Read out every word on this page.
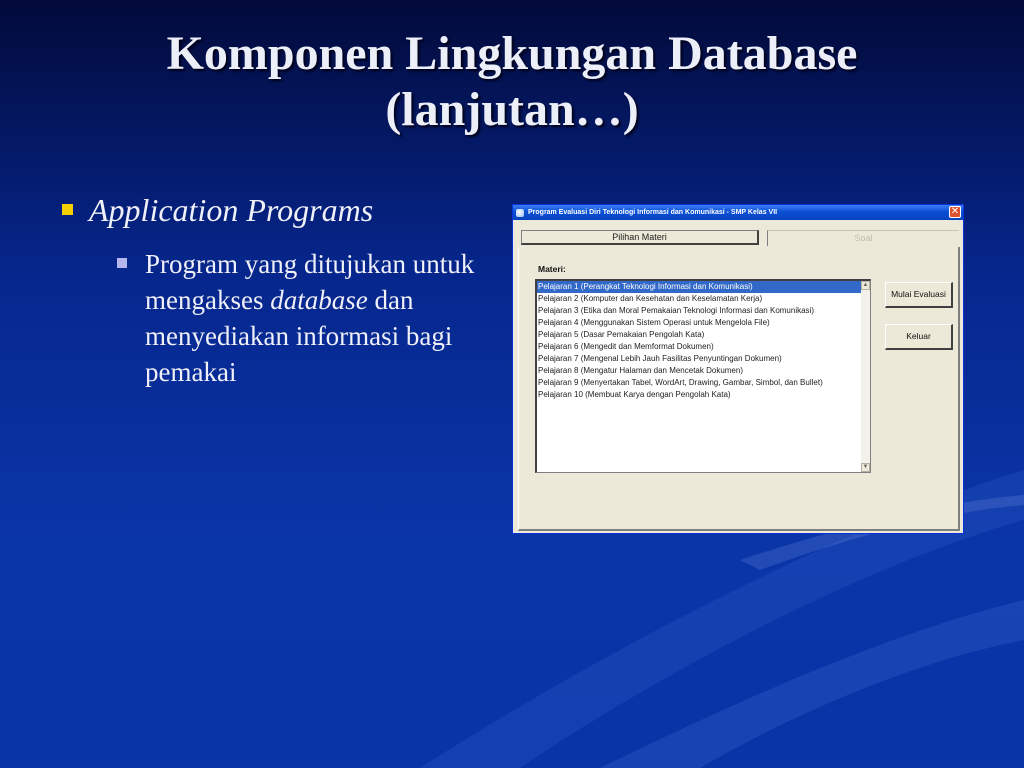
Komponen Lingkungan Database
(lanjutan…)
Application Programs
Program yang ditujukan untuk mengakses database dan menyediakan informasi bagi pemakai
Program Evaluasi Diri Teknologi Informasi dan Komunikasi - SMP Kelas VII	✕
Pilihan Materi	Soal
Materi:
Pelajaran 1 (Perangkat Teknologi Informasi dan Komunikasi)
Pelajaran 2 (Komputer dan Kesehatan dan Keselamatan Kerja)
Pelajaran 3 (Etika dan Moral Pemakaian Teknologi Informasi dan Komunikasi)
Pelajaran 4 (Menggunakan Sistem Operasi untuk Mengelola File)
Pelajaran 5 (Dasar Pemakaian Pengolah Kata)
Pelajaran 6 (Mengedit dan Memformat Dokumen)
Pelajaran 7 (Mengenal Lebih Jauh Fasilitas Penyuntingan Dokumen)
Pelajaran 8 (Mengatur Halaman dan Mencetak Dokumen)
Pelajaran 9 (Menyertakan Tabel, WordArt, Drawing, Gambar, Simbol, dan Bullet)
Pelajaran 10 (Membuat Karya dengan Pengolah Kata)
▲
▼
Mulai Evaluasi
Keluar
